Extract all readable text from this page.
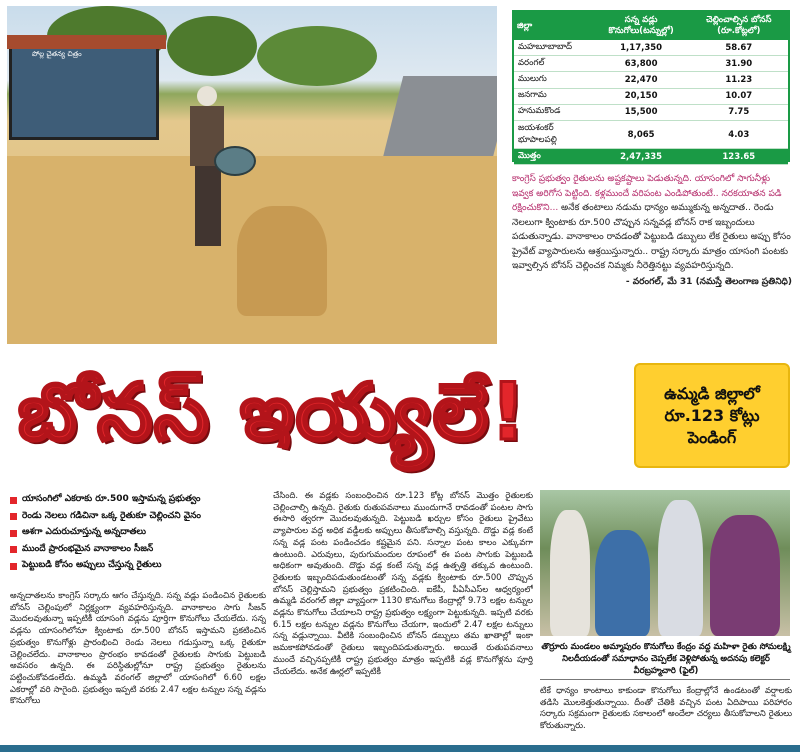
పోల్ల చైతన్య చిత్రం
జిల్లా	సన్న వడ్లు కొనుగోలు(టన్నుల్లో)	చెల్లించాల్సిన బోనస్ (రూ.కోట్లలో)
మహబూబాబాద్	1,17,350	58.67
వరంగల్	63,800	31.90
ములుగు	22,470	11.23
జనగామ	20,150	10.07
హనుమకొండ	15,500	7.75
జయశంకర్ భూపాలపల్లి	8,065	4.03
మొత్తం	2,47,335	123.65
కాంగ్రెస్ ప్రభుత్వం రైతులను అష్టకష్టాలు పెడుతున్నది. యాసంగిలో సాగునీళ్లు ఇవ్వక అరిగోస పెట్టింది. కళ్లముందే వరిపంట ఎండిపోతుంటే.. నరకయాతన పడి రక్షించుకొని... అనేక తంటాలు నడుమ ధాన్యం అమ్ముకున్న అన్నదాత.. రెండు నెలలుగా క్వింటాకు రూ.500 చొప్పున సన్నవడ్ల బోనస్ రాక ఇబ్బందులు పడుతున్నాడు. వానాకాలం రావడంతో పెట్టుబడి డబ్బులు లేక రైతులు అప్పు కోసం ప్రైవేట్ వ్యాపారులను ఆశ్రయిస్తున్నారు.. రాష్ట్ర సర్కారు మాత్రం యాసంగి పంటకు ఇవ్వాల్సిన బోనస్ చెల్లించక నిమ్మకు నీరెత్తినట్టు వ్యవహరిస్తున్నది.
- వరంగల్, మే 31 (నమస్తే తెలంగాణ ప్రతినిధి)
బోనస్ ఇయ్యలే!	ఉమ్మడి జిల్లాలో
రూ.123 కోట్లు
పెండింగ్
యాసంగిలో ఎకరాకు రూ.500 ఇస్తామన్న ప్రభుత్వం
రెండు నెలలు గడిచినా ఒక్క రైతుకూ చెల్లించని వైనం
ఆశగా ఎదురుచూస్తున్న అన్నదాతలు
ముందే ప్రారంభమైన వానాకాలం సీజన్
పెట్టుబడి కోసం అప్పులు చేస్తున్న రైతులు
అన్నదాతలను కాంగ్రెస్ సర్కారు ఆగం చేస్తున్నది. సన్న వడ్లు పండించిన రైతులకు బోనస్ చెల్లింపులో నిర్లక్ష్యంగా వ్యవహరిస్తున్నది. వానాకాలం సాగు సీజన్ మొదలవుతున్నా ఇప్పటికీ యాసంగి వడ్లను పూర్తిగా కొనుగోలు చేయలేదు. సన్న వడ్లను యాసంగిలోనూ క్వింటాకు రూ.500 బోనస్ ఇస్తామని ప్రకటించిన ప్రభుత్వం కొనుగోళ్లు ప్రారంభించి రెండు నెలలు గడుస్తున్నా ఒక్క రైతుకూ చెల్లించలేదు. వానాకాలం ప్రారంభం కావడంతో రైతులకు సాగుకు పెట్టుబడి అవసరం ఉన్నది. ఈ పరిస్థితుల్లోనూ రాష్ట్ర ప్రభుత్వం రైతులను పట్టించుకోవడంలేదు. ఉమ్మడి వరంగల్ జిల్లాలో యాసంగిలో 6.60 లక్షల ఎకరాల్లో వరి సాగైంది. ప్రభుత్వం ఇప్పటి వరకు 2.47 లక్షల టన్నుల సన్న వడ్లను కొనుగోలు
చేసింది. ఈ వడ్లకు సంబంధించిన రూ.123 కోట్ల బోనస్ మొత్తం రైతులకు చెల్లించాల్సి ఉన్నది. రైతుకు రుతుపవనాలు ముందుగానే రావడంతో పంటల సాగు ఈసారి త్వరగా మొదలవుతున్నది. పెట్టుబడి ఖర్చుల కోసం రైతులు ప్రైవేటు వ్యాపారుల వద్ద అధిక వడ్డీలకు అప్పులు తీసుకోవాల్సి వస్తున్నది. దొడ్డు వడ్ల కంటే సన్న వడ్ల పంట పండించడం కష్టమైన పని. సన్నాల పంట కాలం ఎక్కువగా ఉంటుంది. ఎరువులు, పురుగుమందుల రూపంలో ఈ పంట సాగుకు పెట్టుబడి అధికంగా అవుతుంది. దొడ్డు వడ్ల కంటే సన్న వడ్ల ఉత్పత్తి తక్కువ ఉంటుంది. రైతులకు ఇబ్బందిపడుతుండటంతో సన్న వడ్లకు క్వింటాకు రూ.500 చొప్పున బోనస్ చెల్లిస్తామని ప్రభుత్వం ప్రకటించింది. ఐకేపీ, పీఏసీఎస్‌ల ఆధ్వర్యంలో ఉమ్మడి వరంగల్ జిల్లా వ్యాప్తంగా 1130 కొనుగోలు కేంద్రాల్లో 9.73 లక్షల టన్నుల వడ్లను కొనుగోలు చేయాలని రాష్ట్ర ప్రభుత్వం లక్ష్యంగా పెట్టుకున్నది. ఇప్పటి వరకు 6.15 లక్షల టన్నుల వడ్లను కొనుగోలు చేయగా, ఇందులో 2.47 లక్షల టన్నులు సన్న వడ్లున్నాయి. వీటికి సంబంధించిన బోనస్ డబ్బులు తమ ఖాతాల్లో ఇంకా జమకాకపోవడంతో రైతులు ఇబ్బందిపడుతున్నారు. అయితే రుతుపవనాలు ముందే వచ్చినప్పటికీ రాష్ట్ర ప్రభుత్వం మాత్రం ఇప్పటికీ వడ్ల కొనుగోళ్లను పూర్తి చేయలేదు. అనేక ఊర్లలో ఇప్పటికీ
తొర్రూరు మండలం అమ్మాపురం కొనుగోలు కేంద్రం వద్ద మహిళా రైతు సోమలక్ష్మి నిలదీయడంతో సమాధానం చెప్పలేక వెళ్లిపోతున్న అదనపు కలెక్టర్ వీరబ్రహ్మచారి (ఫైల్)
టికే ధాన్యం కాంటాలు కాకుండా కొనుగోలు కేంద్రాల్లోనే ఉండటంతో వర్షాలకు తడిసి మొలకెత్తుతున్నాయి. దీంతో చేతికి వచ్చిన పంట ఏదిపాయి పరిహారం సర్కారు సక్రమంగా రైతులకు సకాలంలో అందేలా చర్యలు తీసుకోవాలని రైతులు కోరుతున్నారు.
